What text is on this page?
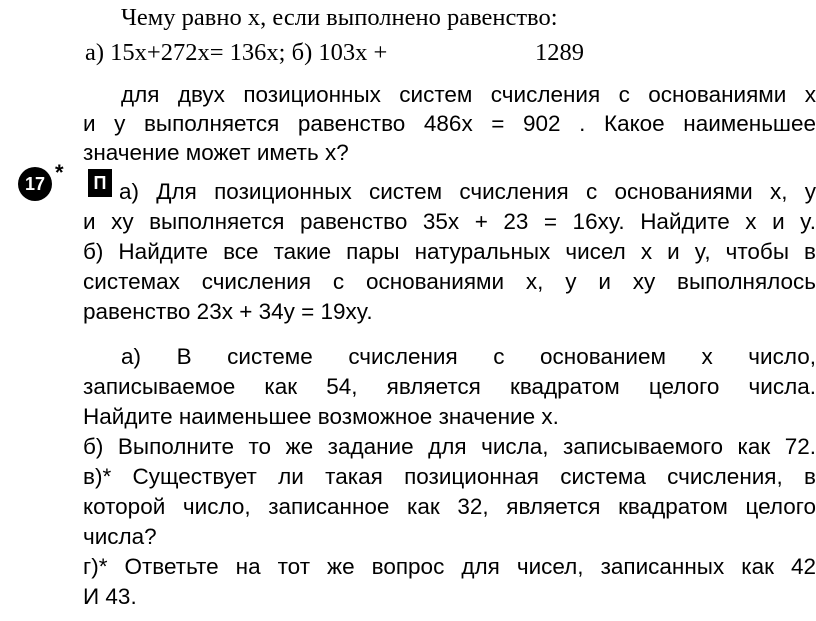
Чему равно x, если выполнено равенство:
а) 15x+272x= 136x; б) 103x +	1289
для двух позиционных систем счисления с основаниями x
и у выполняется равенство 486x = 902 . Какое наименьшее
значение может иметь x?
17 *	П а) Для позиционных систем счисления с основаниями x, y
и xy выполняется равенство 35x + 23 = 16xy. Найдите x и y.
б) Найдите все такие пары натуральных чисел x и y, чтобы в
системах счисления с основаниями x, у и xy выполнялось
равенство 23x + 34y = 19xy.
а) В системе счисления с основанием x число,
записываемое как 54, является квадратом целого числа.
Найдите наименьшее возможное значение x.
б) Выполните то же задание для числа, записываемого как 72.
в)* Существует ли такая позиционная система счисления, в
которой число, записанное как 32, является квадратом целого
числа?
г)* Ответьте на тот же вопрос для чисел, записанных как 42
И 43.
